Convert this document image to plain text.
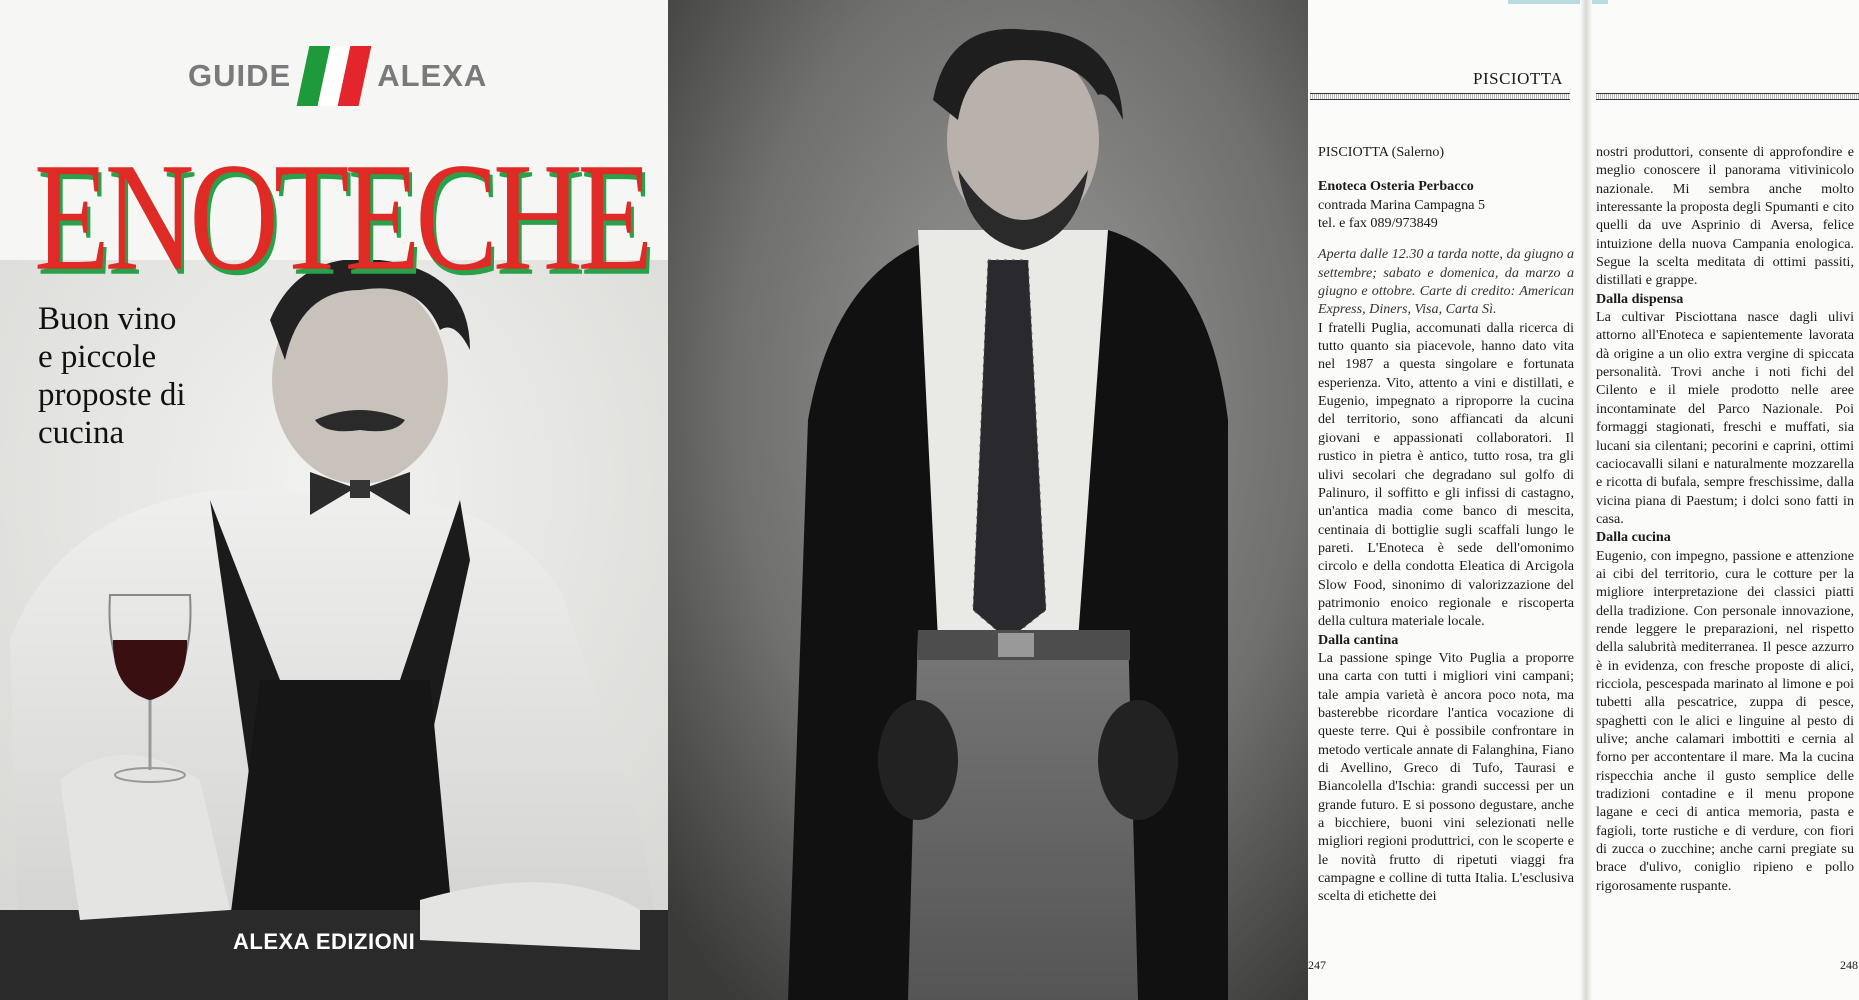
GUIDE	ALEXA
ENOTECHE
Buon vino
e piccole
proposte di
cucina
ALEXA EDIZIONI
PISCIOTTA

PISCIOTTA (Salerno)

Enoteca Osteria Perbacco

contrada Marina Campagna 5

tel. e fax 089/973849

Aperta dalle 12.30 a tarda notte, da giugno a settembre; sabato e domenica, da marzo a giugno e ottobre. Carte di credito: American Express, Diners, Visa, Carta Sì.

I fratelli Puglia, accomunati dalla ricerca di tutto quanto sia piacevole, hanno dato vita nel 1987 a questa singolare e fortunata esperienza. Vito, attento a vini e distillati, e Eugenio, impegnato a riproporre la cucina del territorio, sono affiancati da alcuni giovani e appassionati collaboratori. Il rustico in pietra è antico, tutto rosa, tra gli ulivi secolari che degradano sul golfo di Palinuro, il soffitto e gli infissi di castagno, un'antica madia come banco di mescita, centinaia di bottiglie sugli scaffali lungo le pareti. L'Enoteca è sede dell'omonimo circolo e della condotta Eleatica di Arcigola Slow Food, sinonimo di valorizzazione del patrimonio enoico regionale e riscoperta della cultura materiale locale.

Dalla cantina

La passione spinge Vito Puglia a proporre una carta con tutti i migliori vini campani; tale ampia varietà è ancora poco nota, ma basterebbe ricordare l'antica vocazione di queste terre. Qui è possibile confrontare in metodo verticale annate di Falanghina, Fiano di Avellino, Greco di Tufo, Taurasi e Biancolella d'Ischia: grandi successi per un grande futuro. E si possono degustare, anche a bicchiere, buoni vini selezionati nelle migliori regioni produttrici, con le scoperte e le novità frutto di ripetuti viaggi fra campagne e colline di tutta Italia. L'esclusiva scelta di etichette dei

nostri produttori, consente di approfondire e meglio conoscere il panorama vitivinicolo nazionale. Mi sembra anche molto interessante la proposta degli Spumanti e cito quelli da uve Asprinio di Aversa, felice intuizione della nuova Campania enologica. Segue la scelta meditata di ottimi passiti, distillati e grappe.

Dalla dispensa

La cultivar Pisciottana nasce dagli ulivi attorno all'Enoteca e sapientemente lavorata dà origine a un olio extra vergine di spiccata personalità. Trovi anche i noti fichi del Cilento e il miele prodotto nelle aree incontaminate del Parco Nazionale. Poi formaggi stagionati, freschi e muffati, sia lucani sia cilentani; pecorini e caprini, ottimi caciocavalli silani e naturalmente mozzarella e ricotta di bufala, sempre freschissime, dalla vicina piana di Paestum; i dolci sono fatti in casa.

Dalla cucina

Eugenio, con impegno, passione e attenzione ai cibi del territorio, cura le cotture per la migliore interpretazione dei classici piatti della tradizione. Con personale innovazione, rende leggere le preparazioni, nel rispetto della salubrità mediterranea. Il pesce azzurro è in evidenza, con fresche proposte di alici, ricciola, pescespada marinato al limone e poi tubetti alla pescatrice, zuppa di pesce, spaghetti con le alici e linguine al pesto di ulive; anche calamari imbottiti e cernia al forno per accontentare il mare. Ma la cucina rispecchia anche il gusto semplice delle tradizioni contadine e il menu propone lagane e ceci di antica memoria, pasta e fagioli, torte rustiche e di verdure, con fiori di zucca o zucchine; anche carni pregiate su brace d'ulivo, coniglio ripieno e pollo rigorosamente ruspante.

247	248
